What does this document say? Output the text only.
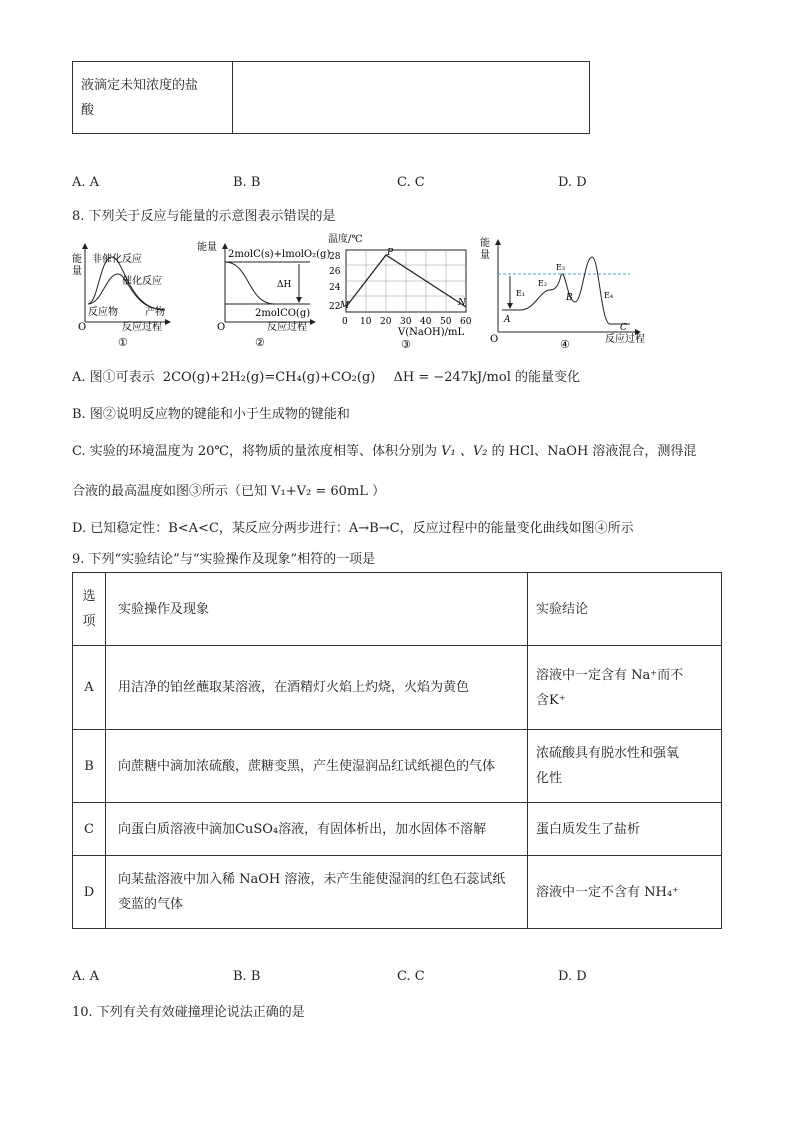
液滴定未知浓度的盐
酸

A. A	B. B	C. C	D. D
8. 下列关于反应与能量的示意图表示错误的是
能
量
非催化反应
催化反应
反应物	产物
O	反应过程
①
能量
2molC(s)+lmolO₂(g)
ΔH
2molCO(g)
O	反应过程
②
温度/℃
28
26
24
22
0 10 20 30 40 50 60
M
P
N
V(NaOH)/mL
③
能
量
E₁
E₂
E₃
E₄
A
B
C
O	反应过程
④
A. 图①可表示 2CO(g)+2H₂(g)=CH₄(g)+CO₂(g) ΔH = −247kJ/mol 的能量变化
B. 图②说明反应物的键能和小于生成物的键能和
C. 实验的环境温度为 20℃，将物质的量浓度相等、体积分别为 V₁ 、V₂ 的 HCl、NaOH 溶液混合，测得混
合液的最高温度如图③所示（已知 V₁+V₂ = 60mL ）
D. 已知稳定性：B<A<C，某反应分两步进行：A→B→C，反应过程中的能量变化曲线如图④所示
9. 下列“实验结论”与“实验操作及现象”相符的一项是
选
项	实验操作及现象	实验结论
A	用洁净的铂丝蘸取某溶液，在酒精灯火焰上灼烧，火焰为黄色	溶液中一定含有 Na⁺而不
含K⁺

B	向蔗糖中滴加浓硫酸，蔗糖变黑，产生使湿润品红试纸褪色的气体	浓硫酸具有脱水性和强氧
化性

C	向蛋白质溶液中滴加CuSO₄溶液，有固体析出，加水固体不溶解	蛋白质发生了盐析
D	向某盐溶液中加入稀 NaOH 溶液，未产生能使湿润的红色石蕊试纸
变蓝的气体	溶液中一定不含有 NH₄⁺
A. A	B. B	C. C	D. D
10. 下列有关有效碰撞理论说法正确的是
